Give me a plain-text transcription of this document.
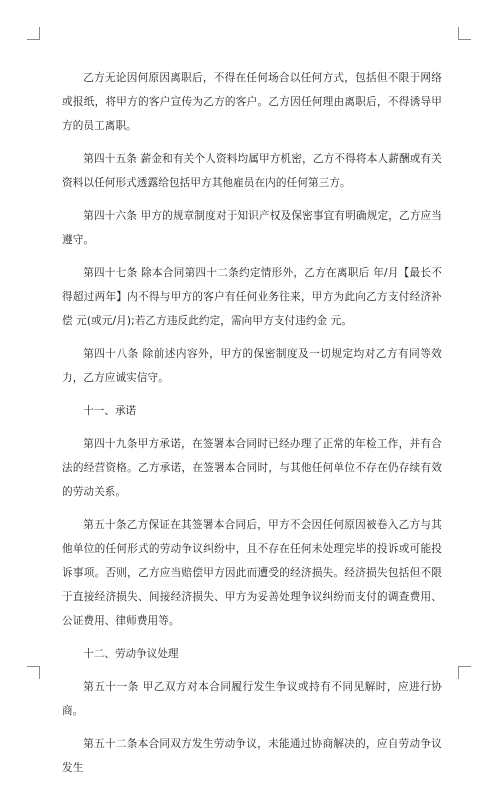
乙方无论因何原因离职后，不得在任何场合以任何方式，包括但不限于网络或报纸，将甲方的客户宣传为乙方的客户。乙方因任何理由离职后，不得诱导甲方的员工离职。

第四十五条 薪金和有关个人资料均属甲方机密，乙方不得将本人薪酬或有关资料以任何形式透露给包括甲方其他雇员在内的任何第三方。

第四十六条 甲方的规章制度对于知识产权及保密事宜有明确规定，乙方应当遵守。

第四十七条 除本合同第四十二条约定情形外，乙方在离职后 年/月【最长不得超过两年】内不得与甲方的客户有任何业务往来，甲方为此向乙方支付经济补偿 元(或元/月);若乙方违反此约定，需向甲方支付违约金 元。

第四十八条 除前述内容外，甲方的保密制度及一切规定均对乙方有同等效力，乙方应诚实信守。

十一、承诺

第四十九条甲方承诺，在签署本合同时已经办理了正常的年检工作，并有合法的经营资格。乙方承诺，在签署本合同时，与其他任何单位不存在仍存续有效的劳动关系。

第五十条乙方保证在其签署本合同后，甲方不会因任何原因被卷入乙方与其他单位的任何形式的劳动争议纠纷中，且不存在任何未处理完毕的投诉或可能投诉事项。否则，乙方应当赔偿甲方因此而遭受的经济损失。经济损失包括但不限于直接经济损失、间接经济损失、甲方为妥善处理争议纠纷而支付的调查费用、公证费用、律师费用等。

十二、劳动争议处理

第五十一条 甲乙双方对本合同履行发生争议或持有不同见解时，应进行协商。

第五十二条本合同双方发生劳动争议，未能通过协商解决的，应自劳动争议发生
